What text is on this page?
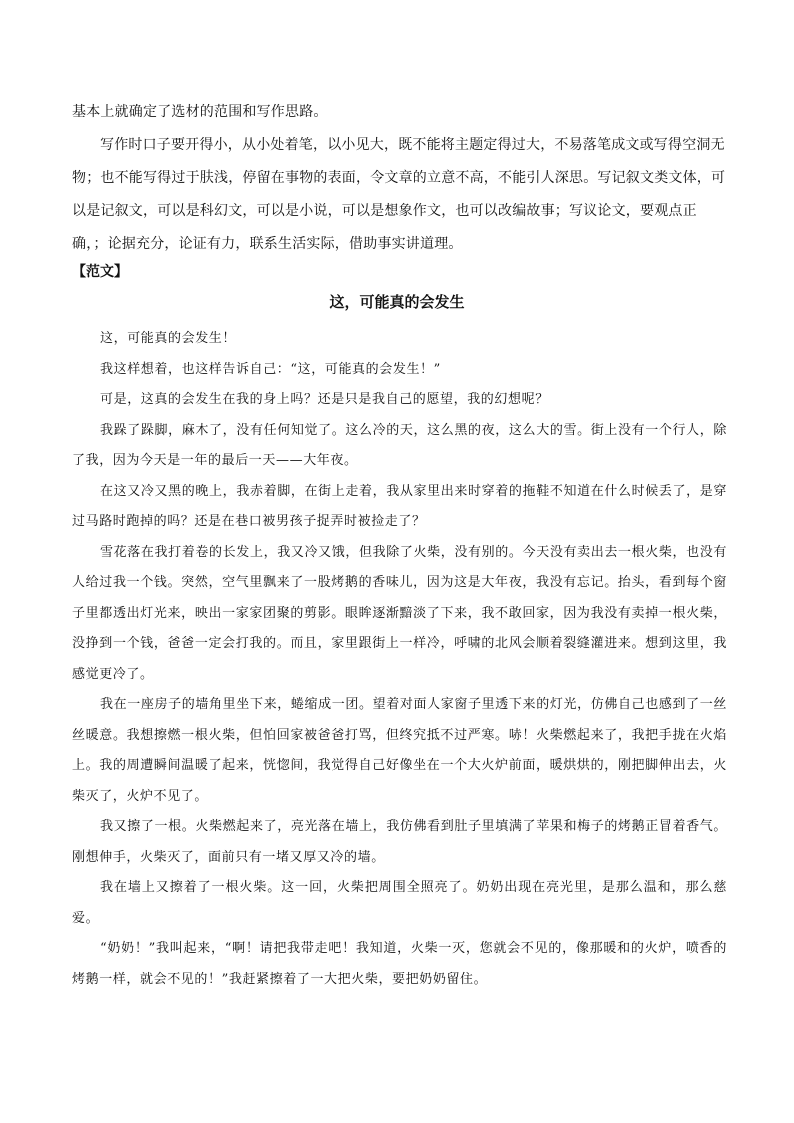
基本上就确定了选材的范围和写作思路。

写作时口子要开得小，从小处着笔，以小见大，既不能将主题定得过大，不易落笔成文或写得空洞无物；也不能写得过于肤浅，停留在事物的表面，令文章的立意不高，不能引人深思。写记叙文类文体，可以是记叙文，可以是科幻文，可以是小说，可以是想象作文，也可以改编故事；写议论文，要观点正确，；论据充分，论证有力，联系生活实际，借助事实讲道理。

【范文】
这，可能真的会发生

这，可能真的会发生！

我这样想着，也这样告诉自己：“这，可能真的会发生！”

可是，这真的会发生在我的身上吗？还是只是我自己的愿望，我的幻想呢？

我跺了跺脚，麻木了，没有任何知觉了。这么冷的天，这么黑的夜，这么大的雪。街上没有一个行人，除了我，因为今天是一年的最后一天——大年夜。

在这又冷又黑的晚上，我赤着脚，在街上走着，我从家里出来时穿着的拖鞋不知道在什么时候丢了，是穿过马路时跑掉的吗？还是在巷口被男孩子捉弄时被捡走了？

雪花落在我打着卷的长发上，我又冷又饿，但我除了火柴，没有别的。今天没有卖出去一根火柴，也没有人给过我一个钱。突然，空气里飘来了一股烤鹅的香味儿，因为这是大年夜，我没有忘记。抬头，看到每个窗子里都透出灯光来，映出一家家团聚的剪影。眼眸逐渐黯淡了下来，我不敢回家，因为我没有卖掉一根火柴，没挣到一个钱，爸爸一定会打我的。而且，家里跟街上一样冷，呼啸的北风会顺着裂缝灌进来。想到这里，我感觉更冷了。

我在一座房子的墙角里坐下来，蜷缩成一团。望着对面人家窗子里透下来的灯光，仿佛自己也感到了一丝丝暖意。我想擦燃一根火柴，但怕回家被爸爸打骂，但终究抵不过严寒。哧！火柴燃起来了，我把手拢在火焰上。我的周遭瞬间温暖了起来，恍惚间，我觉得自己好像坐在一个大火炉前面，暖烘烘的，刚把脚伸出去，火柴灭了，火炉不见了。

我又擦了一根。火柴燃起来了，亮光落在墙上，我仿佛看到肚子里填满了苹果和梅子的烤鹅正冒着香气。刚想伸手，火柴灭了，面前只有一堵又厚又冷的墙。

我在墙上又擦着了一根火柴。这一回，火柴把周围全照亮了。奶奶出现在亮光里，是那么温和，那么慈爱。

“奶奶！”我叫起来，“啊！请把我带走吧！我知道，火柴一灭，您就会不见的，像那暖和的火炉，喷香的烤鹅一样，就会不见的！”我赶紧擦着了一大把火柴，要把奶奶留住。
